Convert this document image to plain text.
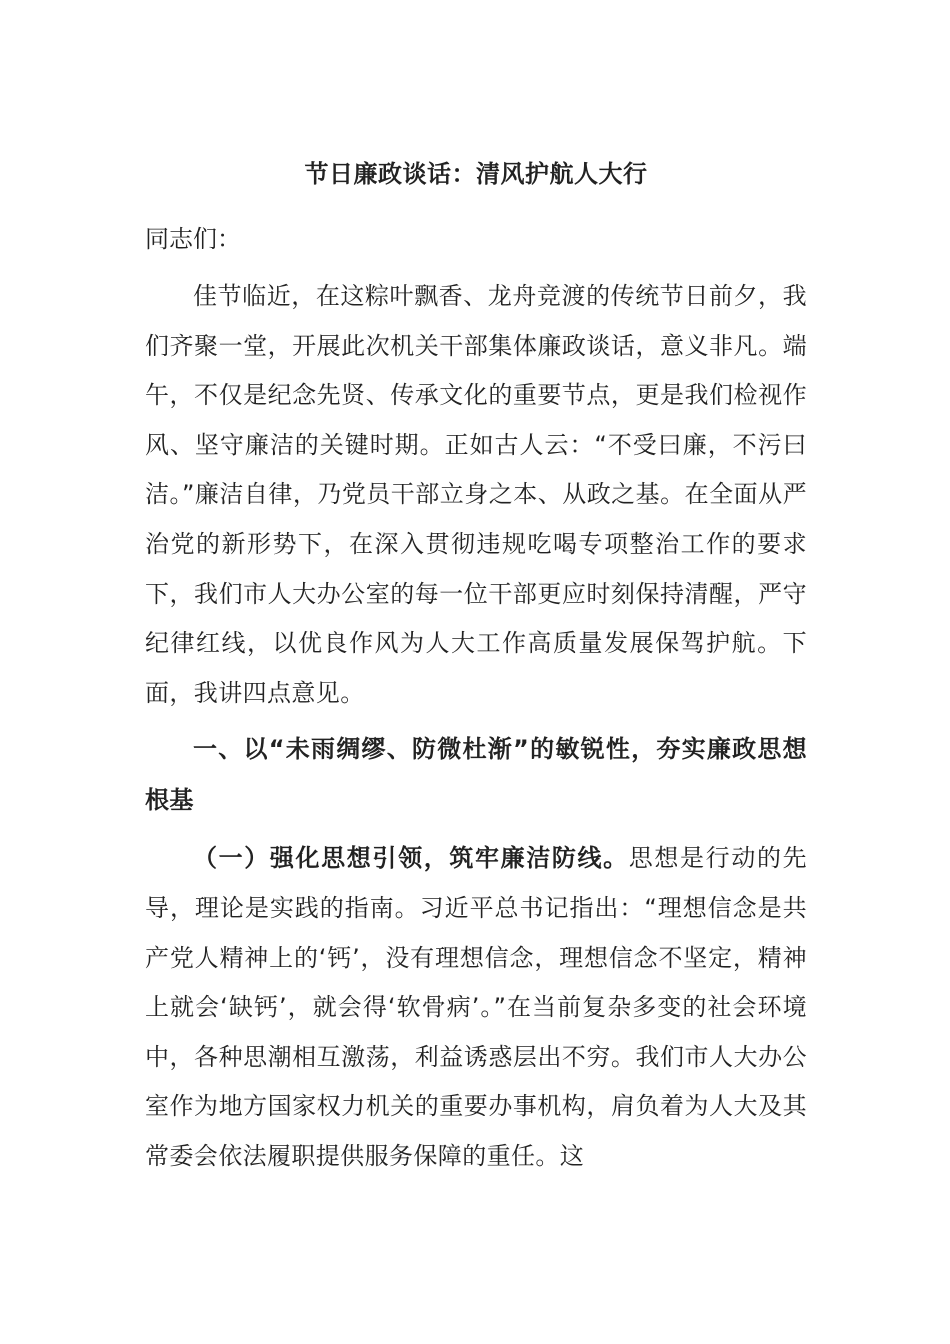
节日廉政谈话：清风护航人大行
同志们：

佳节临近，在这粽叶飘香、龙舟竞渡的传统节日前夕，我们齐聚一堂，开展此次机关干部集体廉政谈话，意义非凡。端午，不仅是纪念先贤、传承文化的重要节点，更是我们检视作风、坚守廉洁的关键时期。正如古人云：“不受曰廉，不污曰洁。”廉洁自律，乃党员干部立身之本、从政之基。在全面从严治党的新形势下，在深入贯彻违规吃喝专项整治工作的要求下，我们市人大办公室的每一位干部更应时刻保持清醒，严守纪律红线，以优良作风为人大工作高质量发展保驾护航。下面，我讲四点意见。

一、以“未雨绸缪、防微杜渐”的敏锐性，夯实廉政思想根基

（一）强化思想引领，筑牢廉洁防线。思想是行动的先导，理论是实践的指南。习近平总书记指出：“理想信念是共产党人精神上的‘钙’，没有理想信念，理想信念不坚定，精神上就会‘缺钙’，就会得‘软骨病’。”在当前复杂多变的社会环境中，各种思潮相互激荡，利益诱惑层出不穷。我们市人大办公室作为地方国家权力机关的重要办事机构，肩负着为人大及其常委会依法履职提供服务保障的重任。这
